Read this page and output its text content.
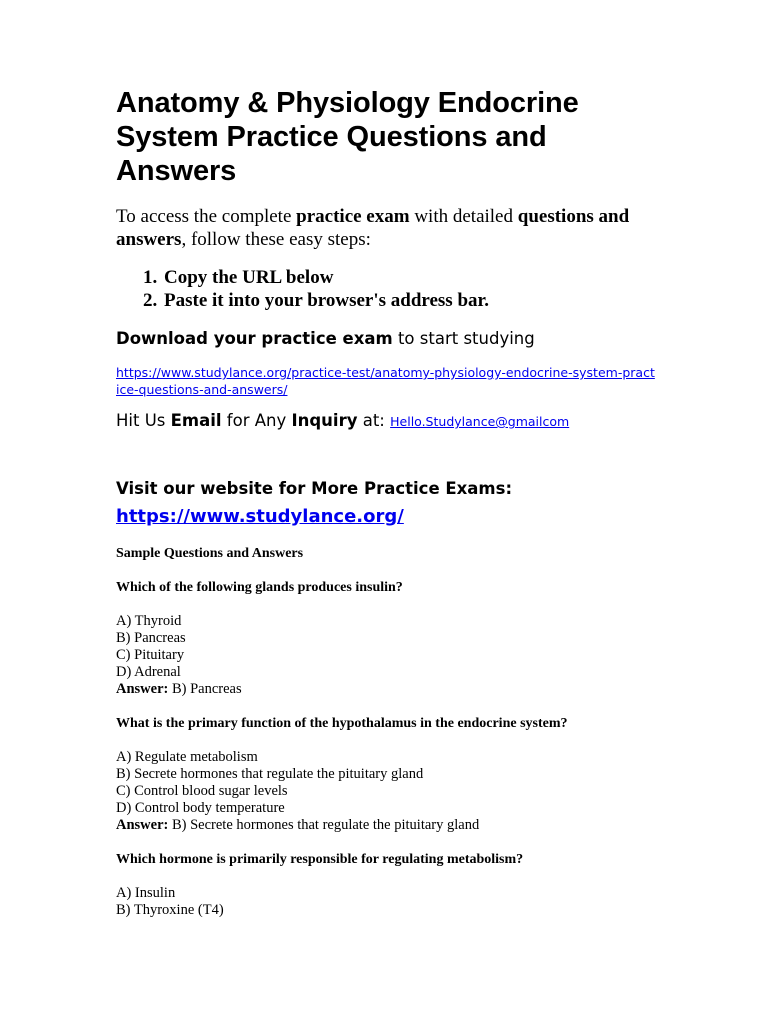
Anatomy & Physiology Endocrine System Practice Questions and Answers

To access the complete practice exam with detailed questions and answers, follow these easy steps:

1. Copy the URL below
2. Paste it into your browser's address bar.

Download your practice exam to start studying

https://www.studylance.org/practice-test/anatomy-physiology-endocrine-system-practice-questions-and-answers/

Hit Us Email for Any Inquiry at: Hello.Studylance@gmailcom

Visit our website for More Practice Exams:
https://www.studylance.org/

Sample Questions and Answers

Which of the following glands produces insulin?

A) Thyroid
B) Pancreas
C) Pituitary
D) Adrenal
Answer: B) Pancreas

What is the primary function of the hypothalamus in the endocrine system?

A) Regulate metabolism
B) Secrete hormones that regulate the pituitary gland
C) Control blood sugar levels
D) Control body temperature
Answer: B) Secrete hormones that regulate the pituitary gland

Which hormone is primarily responsible for regulating metabolism?

A) Insulin
B) Thyroxine (T4)
